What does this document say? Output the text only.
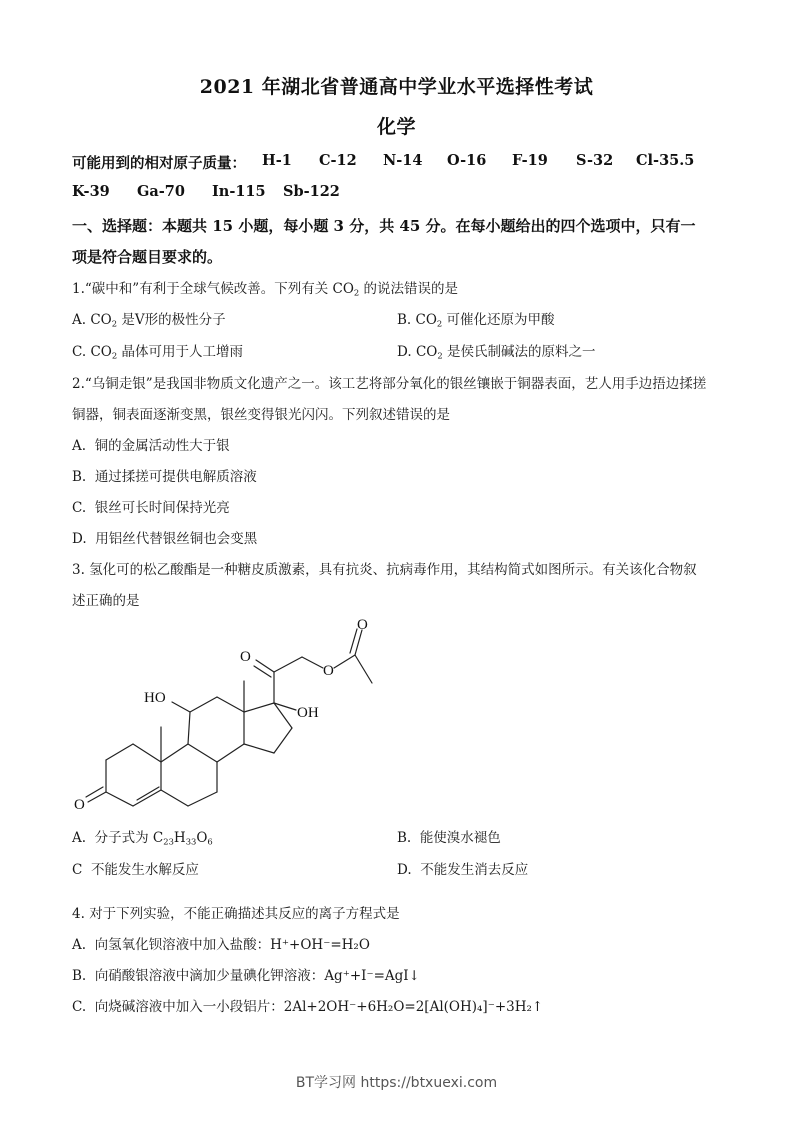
2021 年湖北省普通高中学业水平选择性考试
化学
可能用到的相对原子质量： H-1 C-12 N-14 O-16 F-19 S-32 Cl-35.5
K-39 Ga-70 In-115 Sb-122
一、选择题：本题共 15 小题，每小题 3 分，共 45 分。在每小题给出的四个选项中，只有一
项是符合题目要求的。
1.“碳中和”有利于全球气候改善。下列有关 $CO_2$ 的说法错误的是
A. $CO_2$ 是Ⅴ形的极性分子	B. $CO_2$ 可催化还原为甲酸
C. $CO_2$ 晶体可用于人工增雨	D. $CO_2$ 是侯氏制碱法的原料之一
2.“乌铜走银”是我国非物质文化遗产之一。该工艺将部分氧化的银丝镶嵌于铜器表面，艺人用手边捂边揉搓
铜器，铜表面逐渐变黑，银丝变得银光闪闪。下列叙述错误的是
A. 铜的金属活动性大于银
B. 通过揉搓可提供电解质溶液
C. 银丝可长时间保持光亮
D. 用铝丝代替银丝铜也会变黑
3. 氢化可的松乙酸酯是一种糖皮质激素，具有抗炎、抗病毒作用，其结构简式如图所示。有关该化合物叙
述正确的是
HO
OH
O
O
O
O
A. 分子式为 $C_{23}H_{33}O_6$	B. 能使溴水褪色
C 不能发生水解反应	D. 不能发生消去反应
4. 对于下列实验，不能正确描述其反应的离子方程式是
A. 向氢氧化钡溶液中加入盐酸：H⁺+OH⁻=H₂O
B. 向硝酸银溶液中滴加少量碘化钾溶液：Ag⁺+I⁻=AgI↓
C. 向烧碱溶液中加入一小段铝片：2Al+2OH⁻+6H₂O=2[Al(OH)₄]⁻+3H₂↑
BT学习网 https://btxuexi.com
